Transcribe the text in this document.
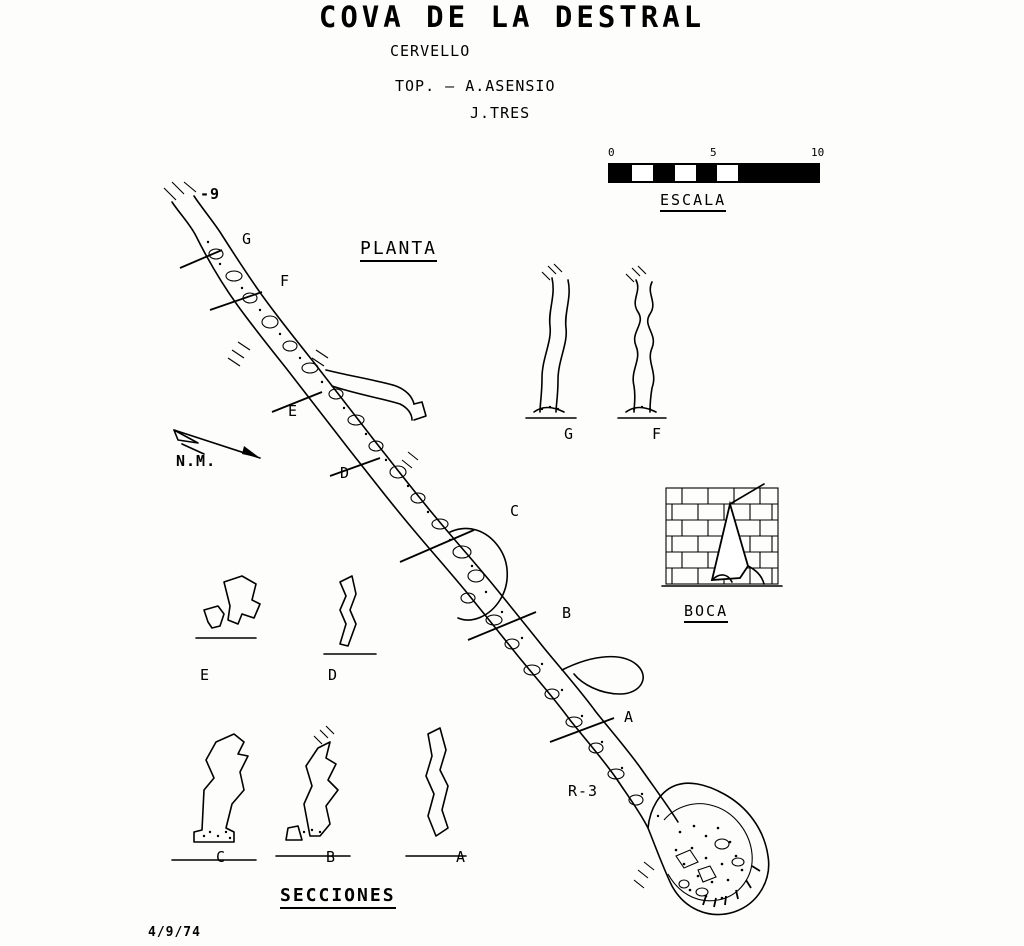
COVA DE LA DESTRAL
CERVELLO
TOP. — A.ASENSIO
J.TRES
0	5	10
ESCALA
PLANTA
N.M.
G
F
E
D
C
B
A
-9
R-3
G	F
BOCA
E	D
C	B	A
SECCIONES
4/9/74
